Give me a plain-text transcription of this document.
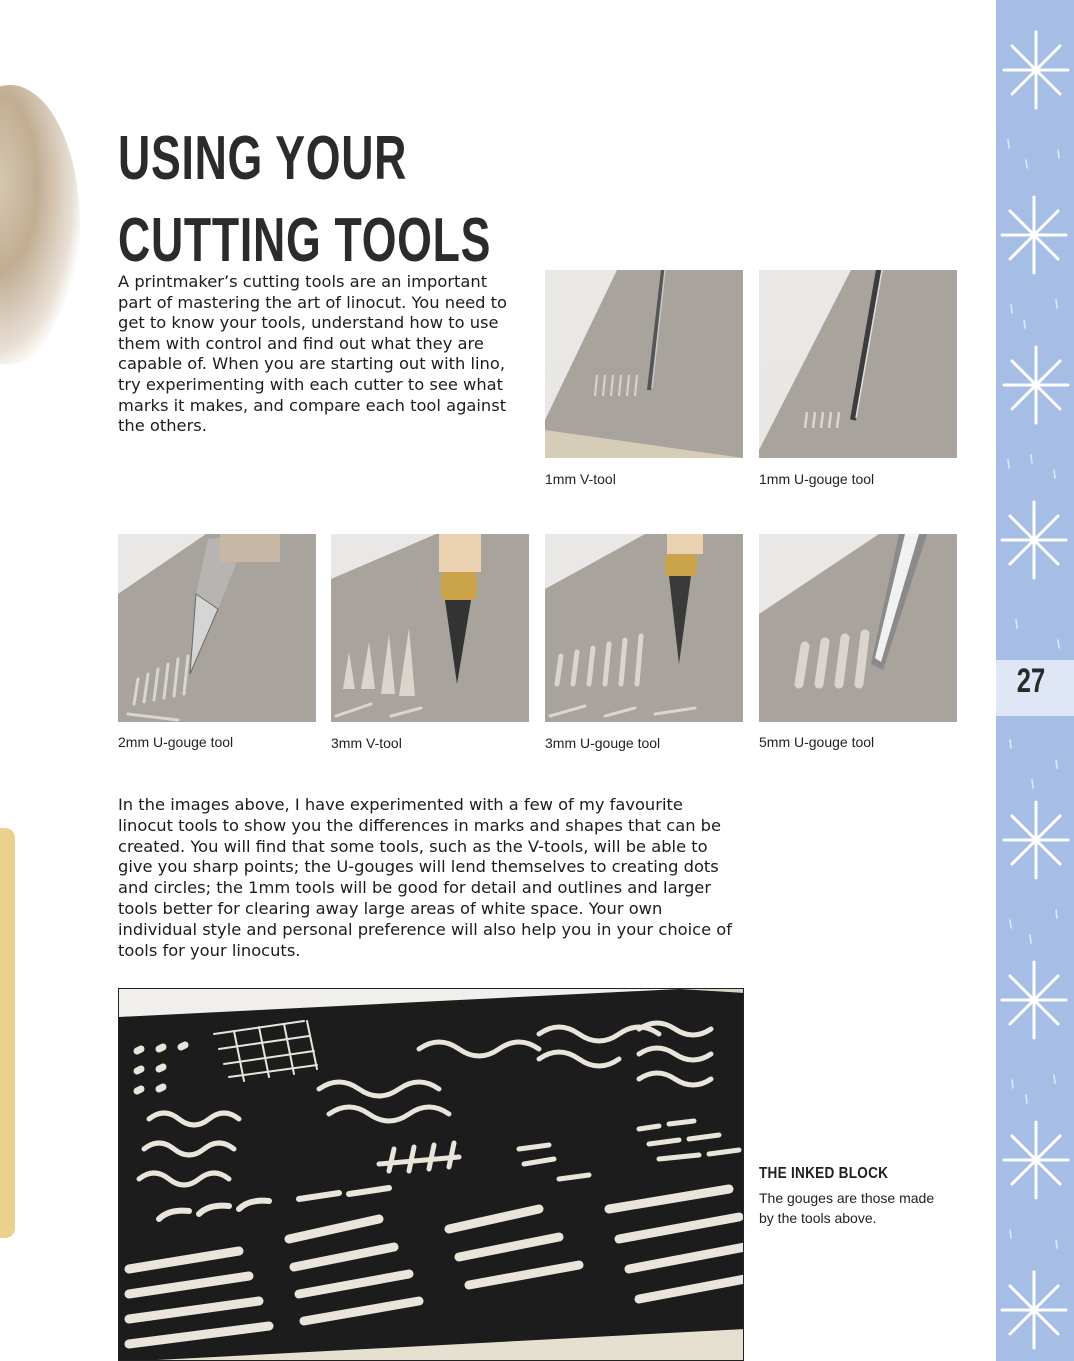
27
USING YOUR
CUTTING TOOLS

A printmaker’s cutting tools are an important part of mastering the art of linocut. You need to get to know your tools, understand how to use them with control and find out what they are capable of. When you are starting out with lino, try experimenting with each cutter to see what marks it makes, and compare each tool against the others.

1mm V-tool	1mm U-gouge tool
2mm U-gouge tool	3mm V-tool	3mm U-gouge tool	5mm U-gouge tool

In the images above, I have experimented with a few of my favourite linocut tools to show you the differences in marks and shapes that can be created. You will find that some tools, such as the V-tools, will be able to give you sharp points; the U-gouges will lend themselves to creating dots and circles; the 1mm tools will be good for detail and outlines and larger tools better for clearing away large areas of white space. Your own individual style and personal preference will also help you in your choice of tools for your linocuts.

THE INKED BLOCK
The gouges are those made by the tools above.
